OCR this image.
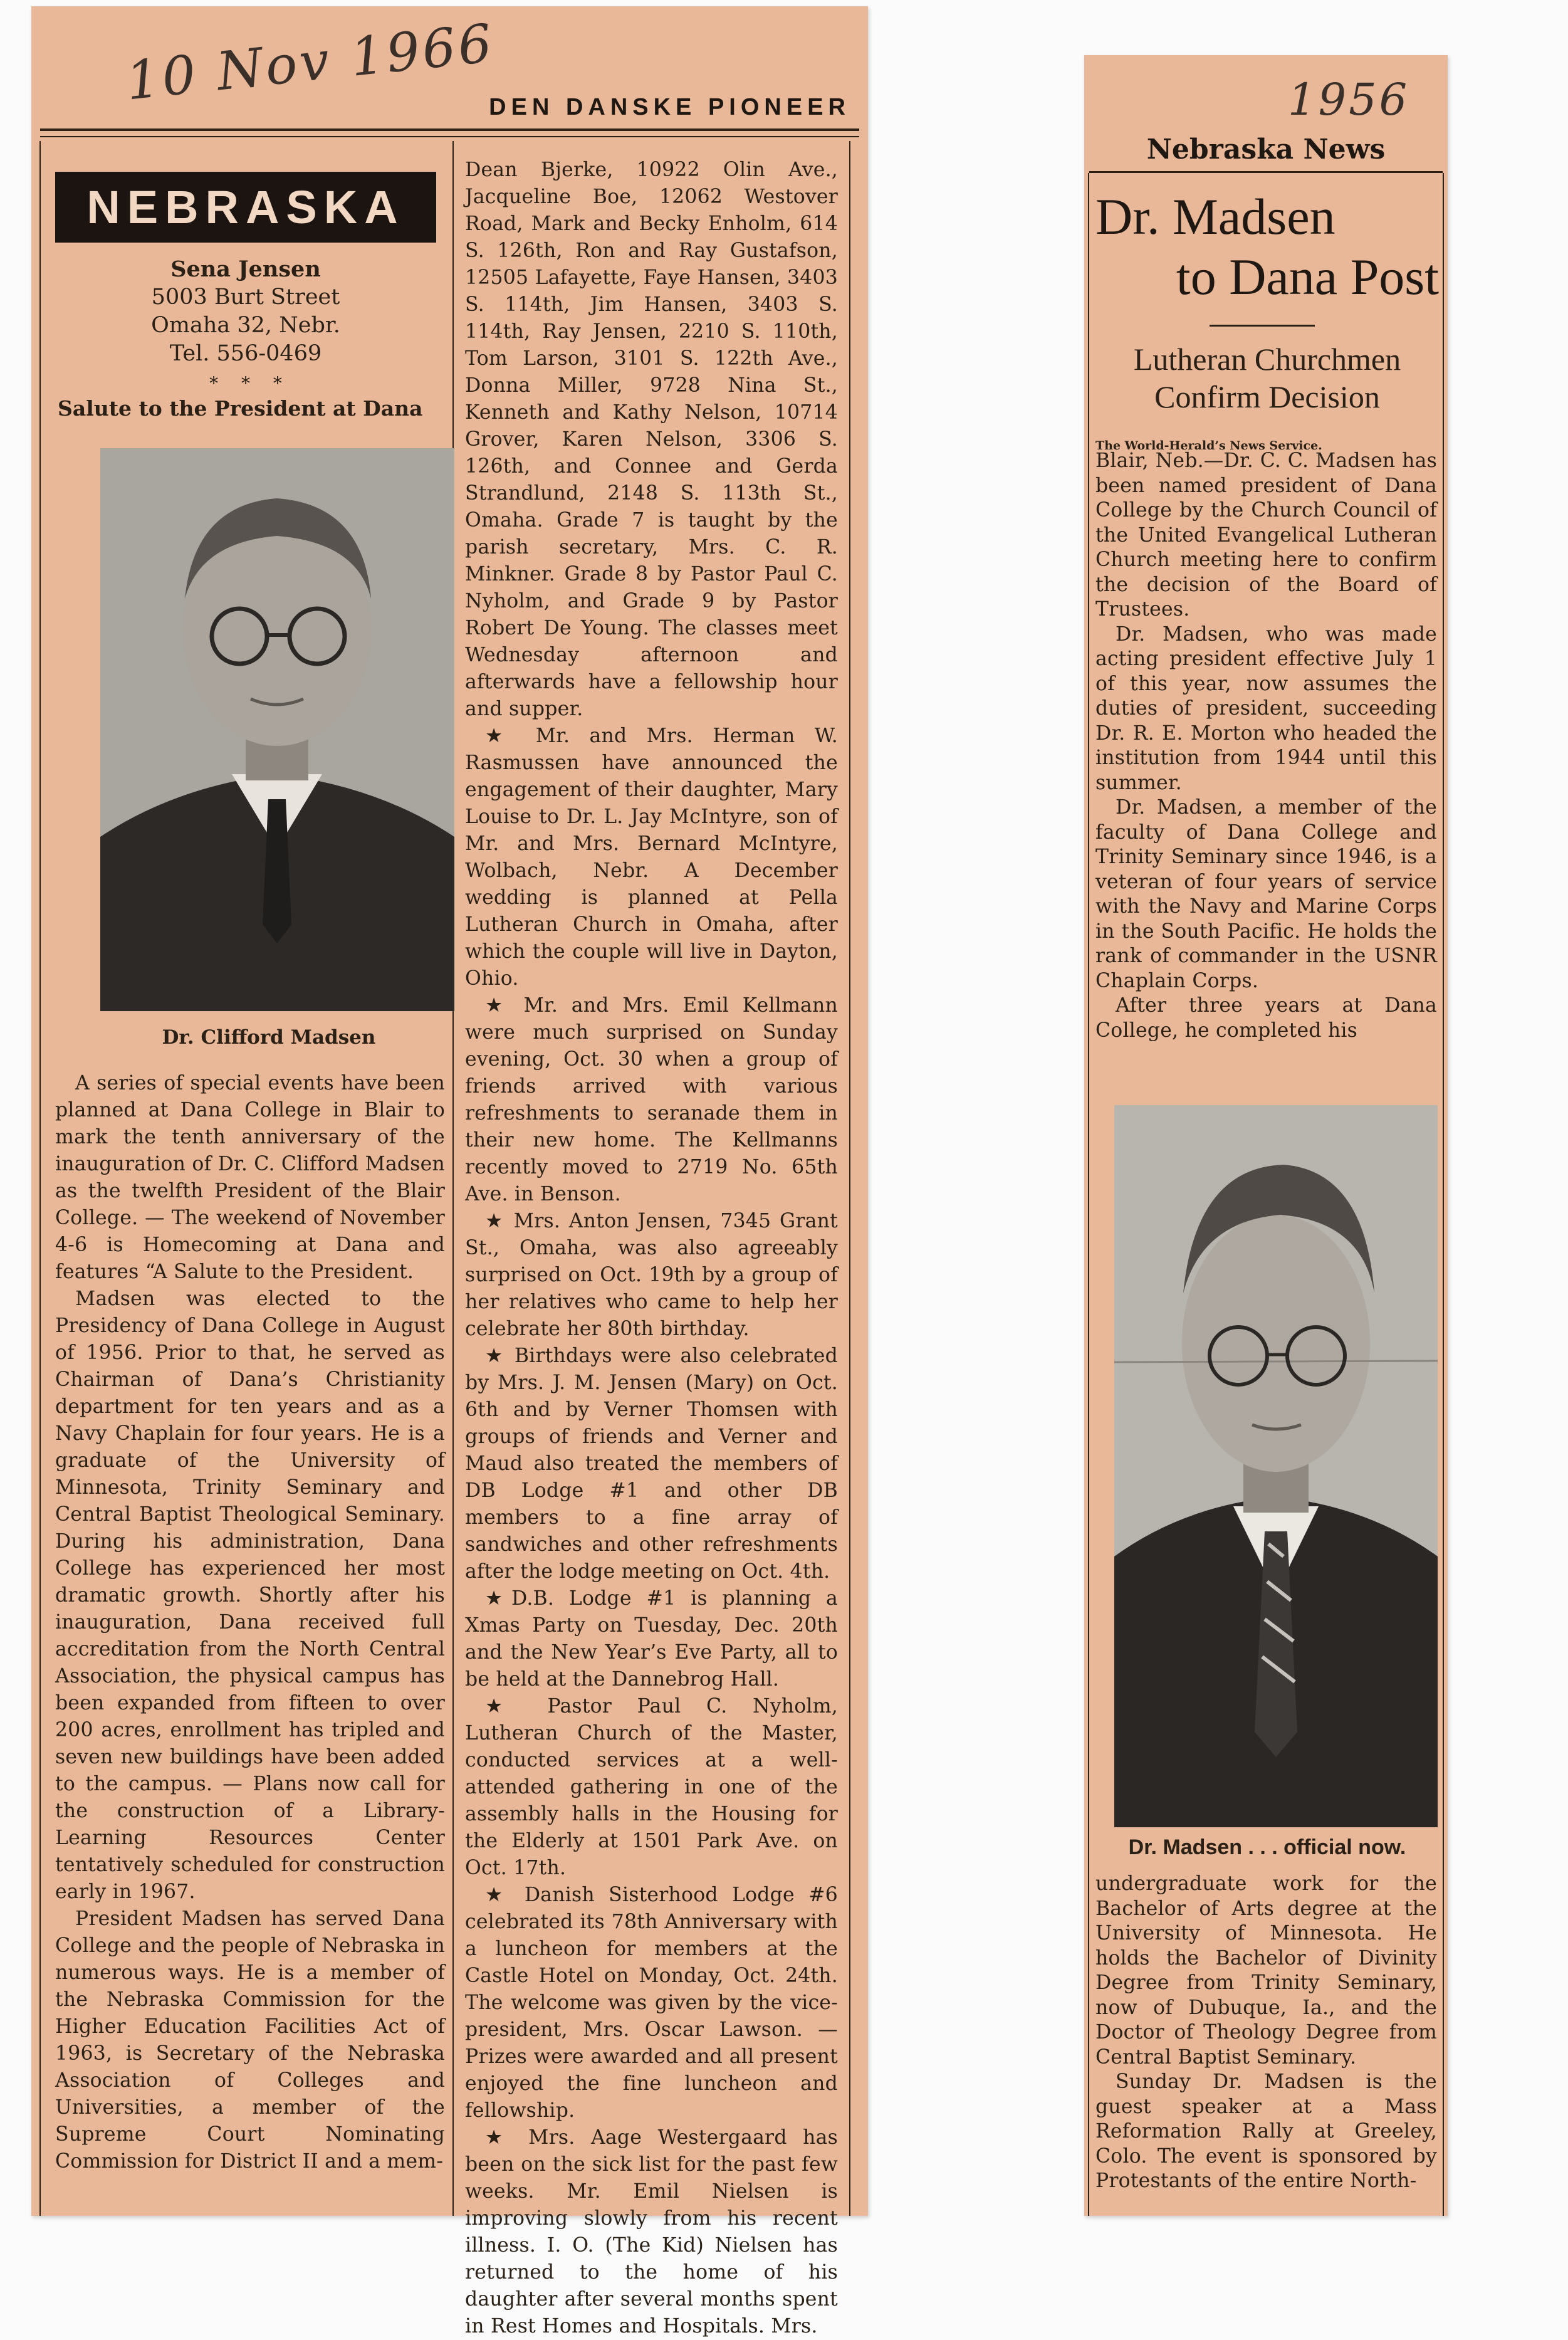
10 Nov 1966
DEN DANSKE PIONEER
NEBRASKA
Sena Jensen
5003 Burt Street
Omaha 32, Nebr.
Tel. 556-0469
* * *
Salute to the President at Dana
Dr. Clifford Madsen

A series of special events have been planned at Dana College in Blair to mark the tenth anniversary of the inauguration of Dr. C. Clifford Madsen as the twelfth President of the Blair College. — The weekend of November 4-6 is Homecoming at Dana and features “A Salute to the President.

Madsen was elected to the Presidency of Dana College in August of 1956. Prior to that, he served as Chairman of Dana’s Christianity department for ten years and as a Navy Chaplain for four years. He is a graduate of the University of Minnesota, Trinity Seminary and Central Baptist Theological Seminary. During his administration, Dana College has experienced her most dramatic growth. Shortly after his inauguration, Dana received full accreditation from the North Central Association, the physical campus has been expanded from fifteen to over 200 acres, enrollment has tripled and seven new buildings have been added to the campus. — Plans now call for the construction of a Library-Learning Resources Center tentatively scheduled for construction early in 1967.

President Madsen has served Dana College and the people of Nebraska in numerous ways. He is a member of the Nebraska Commission for the Higher Education Facilities Act of 1963, is Secretary of the Nebraska Association of Colleges and Universities, a member of the Supreme Court Nominating Commission for District II and a mem-

Dean Bjerke, 10922 Olin Ave., Jacqueline Boe, 12062 Westover Road, Mark and Becky Enholm, 614 S. 126th, Ron and Ray Gustafson, 12505 Lafayette, Faye Hansen, 3403 S. 114th, Jim Hansen, 3403 S. 114th, Ray Jensen, 2210 S. 110th, Tom Larson, 3101 S. 122th Ave., Donna Miller, 9728 Nina St., Kenneth and Kathy Nelson, 10714 Grover, Karen Nelson, 3306 S. 126th, and Connee and Gerda Strandlund, 2148 S. 113th St., Omaha. Grade 7 is taught by the parish secretary, Mrs. C. R. Minkner. Grade 8 by Pastor Paul C. Nyholm, and Grade 9 by Pastor Robert De Young. The classes meet Wednesday afternoon and afterwards have a fellowship hour and supper.

★ Mr. and Mrs. Herman W. Rasmussen have announced the engagement of their daughter, Mary Louise to Dr. L. Jay McIntyre, son of Mr. and Mrs. Bernard McIntyre, Wolbach, Nebr. A December wedding is planned at Pella Lutheran Church in Omaha, after which the couple will live in Dayton, Ohio.

★ Mr. and Mrs. Emil Kellmann were much surprised on Sunday evening, Oct. 30 when a group of friends arrived with various refreshments to seranade them in their new home. The Kellmanns recently moved to 2719 No. 65th Ave. in Benson.

★ Mrs. Anton Jensen, 7345 Grant St., Omaha, was also agreeably surprised on Oct. 19th by a group of her relatives who came to help her celebrate her 80th birthday.

★ Birthdays were also celebrated by Mrs. J. M. Jensen (Mary) on Oct. 6th and by Verner Thomsen with groups of friends and Verner and Maud also treated the members of DB Lodge #1 and other DB members to a fine array of sandwiches and other refreshments after the lodge meeting on Oct. 4th.

★D.B. Lodge #1 is planning a Xmas Party on Tuesday, Dec. 20th and the New Year’s Eve Party, all to be held at the Dannebrog Hall.

★ Pastor Paul C. Nyholm, Lutheran Church of the Master, conducted services at a well-attended gathering in one of the assembly halls in the Housing for the Elderly at 1501 Park Ave. on Oct. 17th.

★ Danish Sisterhood Lodge #6 celebrated its 78th Anniversary with a luncheon for members at the Castle Hotel on Monday, Oct. 24th. The welcome was given by the vice-president, Mrs. Oscar Lawson. — Prizes were awarded and all present enjoyed the fine luncheon and fellowship.

★ Mrs. Aage Westergaard has been on the sick list for the past few weeks. Mr. Emil Nielsen is improving slowly from his recent illness. I. O. (The Kid) Nielsen has returned to the home of his daughter after several months spent in Rest Homes and Hospitals. Mrs.

1956
Nebraska News
Dr. Madsen
to Dana Post
Lutheran Churchmen Confirm Decision
The World-Herald’s News Service.

Blair, Neb.—Dr. C. C. Madsen has been named president of Dana College by the Church Council of the United Evangelical Lutheran Church meeting here to confirm the decision of the Board of Trustees.

Dr. Madsen, who was made acting president effective July 1 of this year, now assumes the duties of president, succeeding Dr. R. E. Morton who headed the institution from 1944 until this summer.

Dr. Madsen, a member of the faculty of Dana College and Trinity Seminary since 1946, is a veteran of four years of service with the Navy and Marine Corps in the South Pacific. He holds the rank of commander in the USNR Chaplain Corps.

After three years at Dana College, he completed his

Dr. Madsen . . . official now.

undergraduate work for the Bachelor of Arts degree at the University of Minnesota. He holds the Bachelor of Divinity Degree from Trinity Seminary, now of Dubuque, Ia., and the Doctor of Theology Degree from Central Baptist Seminary.

Sunday Dr. Madsen is the guest speaker at a Mass Reformation Rally at Greeley, Colo. The event is sponsored by Protestants of the entire North-
